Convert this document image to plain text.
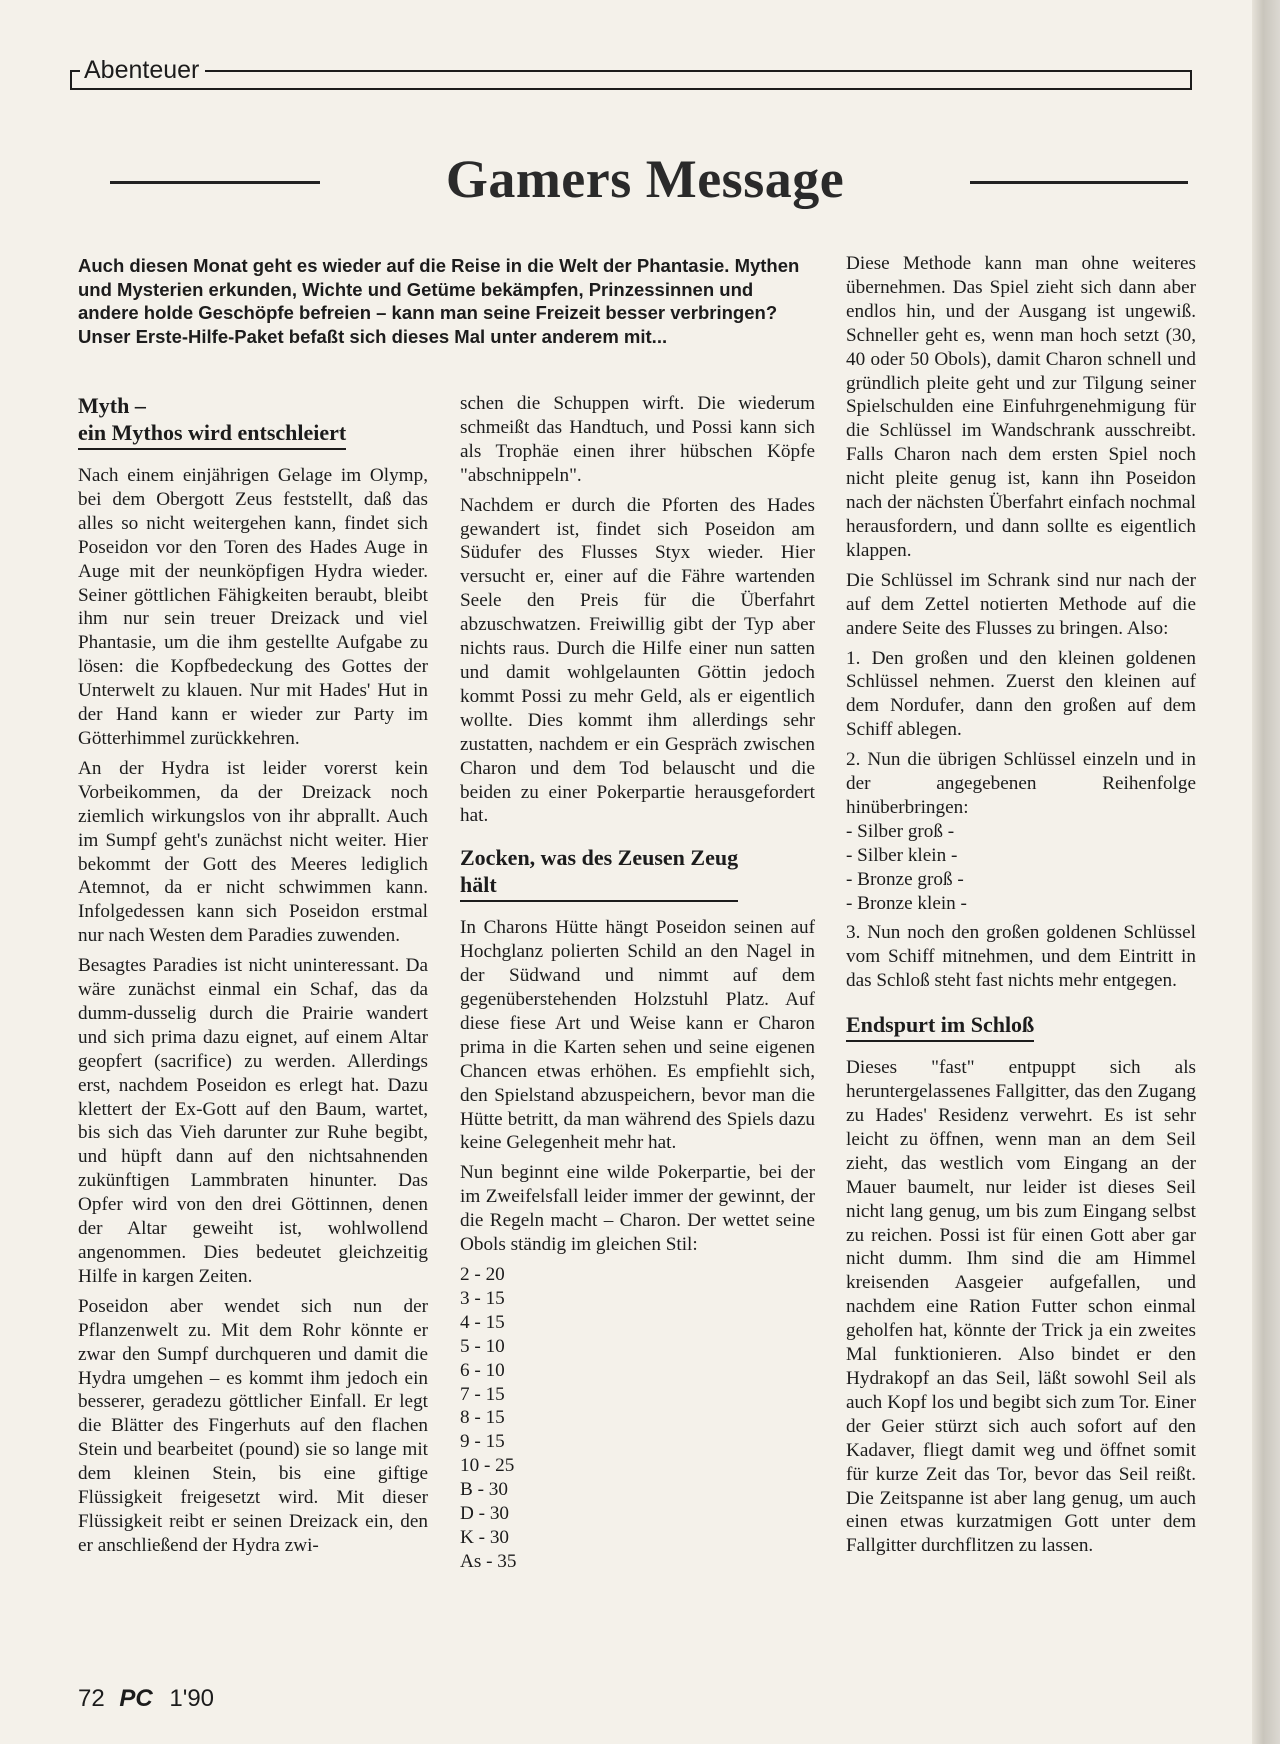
Abenteuer
Gamers Message

Auch diesen Monat geht es wieder auf die Reise in die Welt der Phantasie. Mythen und Mysterien erkunden, Wichte und Getüme bekämpfen, Prinzessinnen und andere holde Geschöpfe befreien – kann man seine Freizeit besser verbringen?

Unser Erste-Hilfe-Paket befaßt sich dieses Mal unter anderem mit...

Myth –
ein Mythos wird entschleiert

Nach einem einjährigen Gelage im Olymp, bei dem Obergott Zeus feststellt, daß das alles so nicht weitergehen kann, findet sich Poseidon vor den Toren des Hades Auge in Auge mit der neunköpfigen Hydra wieder. Seiner göttlichen Fähigkeiten beraubt, bleibt ihm nur sein treuer Dreizack und viel Phantasie, um die ihm gestellte Aufgabe zu lösen: die Kopfbedeckung des Gottes der Unterwelt zu klauen. Nur mit Hades' Hut in der Hand kann er wieder zur Party im Götterhimmel zurückkehren.

An der Hydra ist leider vorerst kein Vorbeikommen, da der Dreizack noch ziemlich wirkungslos von ihr abprallt. Auch im Sumpf geht's zunächst nicht weiter. Hier bekommt der Gott des Meeres lediglich Atemnot, da er nicht schwimmen kann. Infolgedessen kann sich Poseidon erstmal nur nach Westen dem Paradies zuwenden.

Besagtes Paradies ist nicht uninteressant. Da wäre zunächst einmal ein Schaf, das da dumm-dusselig durch die Prairie wandert und sich prima dazu eignet, auf einem Altar geopfert (sacrifice) zu werden. Allerdings erst, nachdem Poseidon es erlegt hat. Dazu klettert der Ex-Gott auf den Baum, wartet, bis sich das Vieh darunter zur Ruhe begibt, und hüpft dann auf den nichtsahnenden zukünftigen Lammbraten hinunter. Das Opfer wird von den drei Göttinnen, denen der Altar geweiht ist, wohlwollend angenommen. Dies bedeutet gleichzeitig Hilfe in kargen Zeiten.

Poseidon aber wendet sich nun der Pflanzenwelt zu. Mit dem Rohr könnte er zwar den Sumpf durchqueren und damit die Hydra umgehen – es kommt ihm jedoch ein besserer, geradezu göttlicher Einfall. Er legt die Blätter des Fingerhuts auf den flachen Stein und bearbeitet (pound) sie so lange mit dem kleinen Stein, bis eine giftige Flüssigkeit freigesetzt wird. Mit dieser Flüssigkeit reibt er seinen Dreizack ein, den er anschließend der Hydra zwi-

schen die Schuppen wirft. Die wiederum schmeißt das Handtuch, und Possi kann sich als Trophäe einen ihrer hübschen Köpfe "abschnippeln".

Nachdem er durch die Pforten des Hades gewandert ist, findet sich Poseidon am Südufer des Flusses Styx wieder. Hier versucht er, einer auf die Fähre wartenden Seele den Preis für die Überfahrt abzuschwatzen. Freiwillig gibt der Typ aber nichts raus. Durch die Hilfe einer nun satten und damit wohlgelaunten Göttin jedoch kommt Possi zu mehr Geld, als er eigentlich wollte. Dies kommt ihm allerdings sehr zustatten, nachdem er ein Gespräch zwischen Charon und dem Tod belauscht und die beiden zu einer Pokerpartie herausgefordert hat.

Zocken, was des Zeusen Zeug
hält

In Charons Hütte hängt Poseidon seinen auf Hochglanz polierten Schild an den Nagel in der Südwand und nimmt auf dem gegenüberstehenden Holzstuhl Platz. Auf diese fiese Art und Weise kann er Charon prima in die Karten sehen und seine eigenen Chancen etwas erhöhen. Es empfiehlt sich, den Spielstand abzuspeichern, bevor man die Hütte betritt, da man während des Spiels dazu keine Gelegenheit mehr hat.

Nun beginnt eine wilde Pokerpartie, bei der im Zweifelsfall leider immer der gewinnt, der die Regeln macht – Charon. Der wettet seine Obols ständig im gleichen Stil:

2 - 20
3 - 15
4 - 15
5 - 10
6 - 10
7 - 15
8 - 15
9 - 15
10 - 25
B - 30
D - 30
K - 30
As - 35

Diese Methode kann man ohne weiteres übernehmen. Das Spiel zieht sich dann aber endlos hin, und der Ausgang ist ungewiß. Schneller geht es, wenn man hoch setzt (30, 40 oder 50 Obols), damit Charon schnell und gründlich pleite geht und zur Tilgung seiner Spielschulden eine Einfuhrgenehmigung für die Schlüssel im Wandschrank ausschreibt. Falls Charon nach dem ersten Spiel noch nicht pleite genug ist, kann ihn Poseidon nach der nächsten Überfahrt einfach nochmal herausfordern, und dann sollte es eigentlich klappen.

Die Schlüssel im Schrank sind nur nach der auf dem Zettel notierten Methode auf die andere Seite des Flusses zu bringen. Also:

1. Den großen und den kleinen goldenen Schlüssel nehmen. Zuerst den kleinen auf dem Nordufer, dann den großen auf dem Schiff ablegen.

2. Nun die übrigen Schlüssel einzeln und in der angegebenen Reihenfolge hinüberbringen:

- Silber groß -
- Silber klein -
- Bronze groß -
- Bronze klein -

3. Nun noch den großen goldenen Schlüssel vom Schiff mitnehmen, und dem Eintritt in das Schloß steht fast nichts mehr entgegen.

Endspurt im Schloß

Dieses "fast" entpuppt sich als heruntergelassenes Fallgitter, das den Zugang zu Hades' Residenz verwehrt. Es ist sehr leicht zu öffnen, wenn man an dem Seil zieht, das westlich vom Eingang an der Mauer baumelt, nur leider ist dieses Seil nicht lang genug, um bis zum Eingang selbst zu reichen. Possi ist für einen Gott aber gar nicht dumm. Ihm sind die am Himmel kreisenden Aasgeier aufgefallen, und nachdem eine Ration Futter schon einmal geholfen hat, könnte der Trick ja ein zweites Mal funktionieren. Also bindet er den Hydrakopf an das Seil, läßt sowohl Seil als auch Kopf los und begibt sich zum Tor. Einer der Geier stürzt sich auch sofort auf den Kadaver, fliegt damit weg und öffnet somit für kurze Zeit das Tor, bevor das Seil reißt. Die Zeitspanne ist aber lang genug, um auch einen etwas kurzatmigen Gott unter dem Fallgitter durchflitzen zu lassen.

72 PC 1'90
